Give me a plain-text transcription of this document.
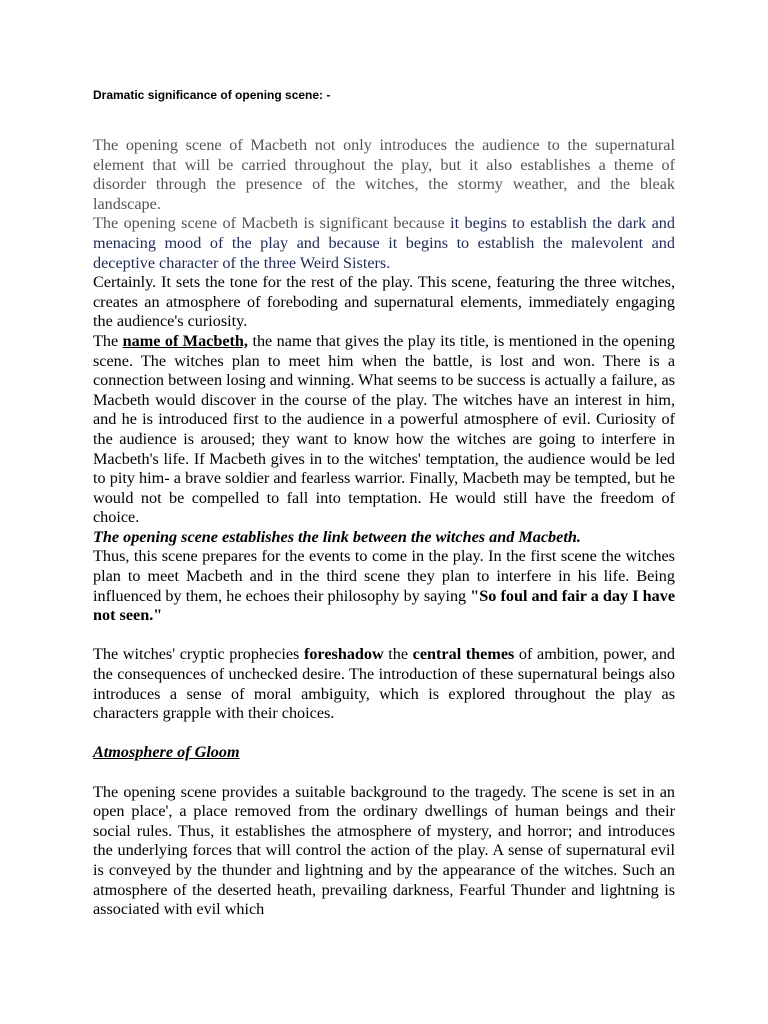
Dramatic significance of opening scene: -

The opening scene of Macbeth not only introduces the audience to the supernatural element that will be carried throughout the play, but it also establishes a theme of disorder through the presence of the witches, the stormy weather, and the bleak landscape.

The opening scene of Macbeth is significant because it begins to establish the dark and menacing mood of the play and because it begins to establish the malevolent and deceptive character of the three Weird Sisters.

Certainly. It sets the tone for the rest of the play. This scene, featuring the three witches, creates an atmosphere of foreboding and supernatural elements, immediately engaging the audience's curiosity.

The name of Macbeth, the name that gives the play its title, is mentioned in the opening scene. The witches plan to meet him when the battle, is lost and won. There is a connection between losing and winning. What seems to be success is actually a failure, as Macbeth would discover in the course of the play. The witches have an interest in him, and he is introduced first to the audience in a powerful atmosphere of evil. Curiosity of the audience is aroused; they want to know how the witches are going to interfere in Macbeth's life. If Macbeth gives in to the witches' temptation, the audience would be led to pity him- a brave soldier and fearless warrior. Finally, Macbeth may be tempted, but he would not be compelled to fall into temptation. He would still have the freedom of choice.

The opening scene establishes the link between the witches and Macbeth.

Thus, this scene prepares for the events to come in the play. In the first scene the witches plan to meet Macbeth and in the third scene they plan to interfere in his life. Being influenced by them, he echoes their philosophy by saying "So foul and fair a day I have not seen."

The witches' cryptic prophecies foreshadow the central themes of ambition, power, and the consequences of unchecked desire. The introduction of these supernatural beings also introduces a sense of moral ambiguity, which is explored throughout the play as characters grapple with their choices.

Atmosphere of Gloom

The opening scene provides a suitable background to the tragedy. The scene is set in an open place', a place removed from the ordinary dwellings of human beings and their social rules. Thus, it establishes the atmosphere of mystery, and horror; and introduces the underlying forces that will control the action of the play. A sense of supernatural evil is conveyed by the thunder and lightning and by the appearance of the witches. Such an atmosphere of the deserted heath, prevailing darkness, Fearful Thunder and lightning is associated with evil which
